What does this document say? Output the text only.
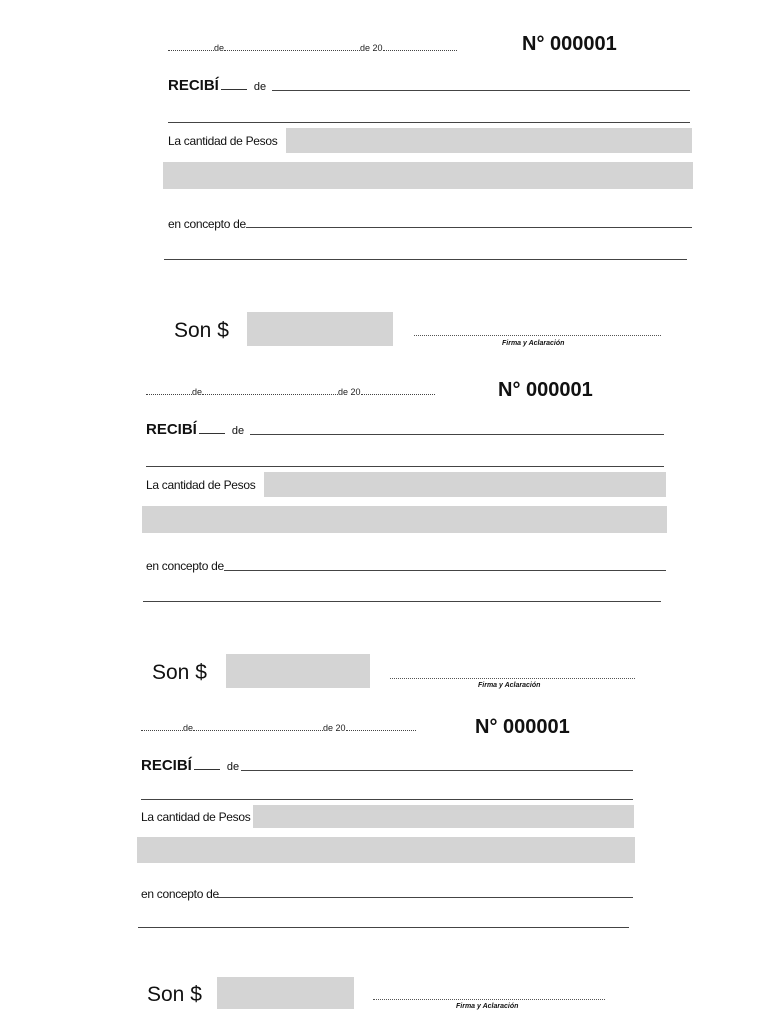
de	de 20	N° 000001
RECIBÍ	de
La cantidad de Pesos
en concepto de
Son $
Firma y Aclaración
de	de 20	N° 000001
RECIBÍ	de
La cantidad de Pesos
en concepto de
Son $
Firma y Aclaración
de	de 20	N° 000001
RECIBÍ	de
La cantidad de Pesos
en concepto de
Son $
Firma y Aclaración
